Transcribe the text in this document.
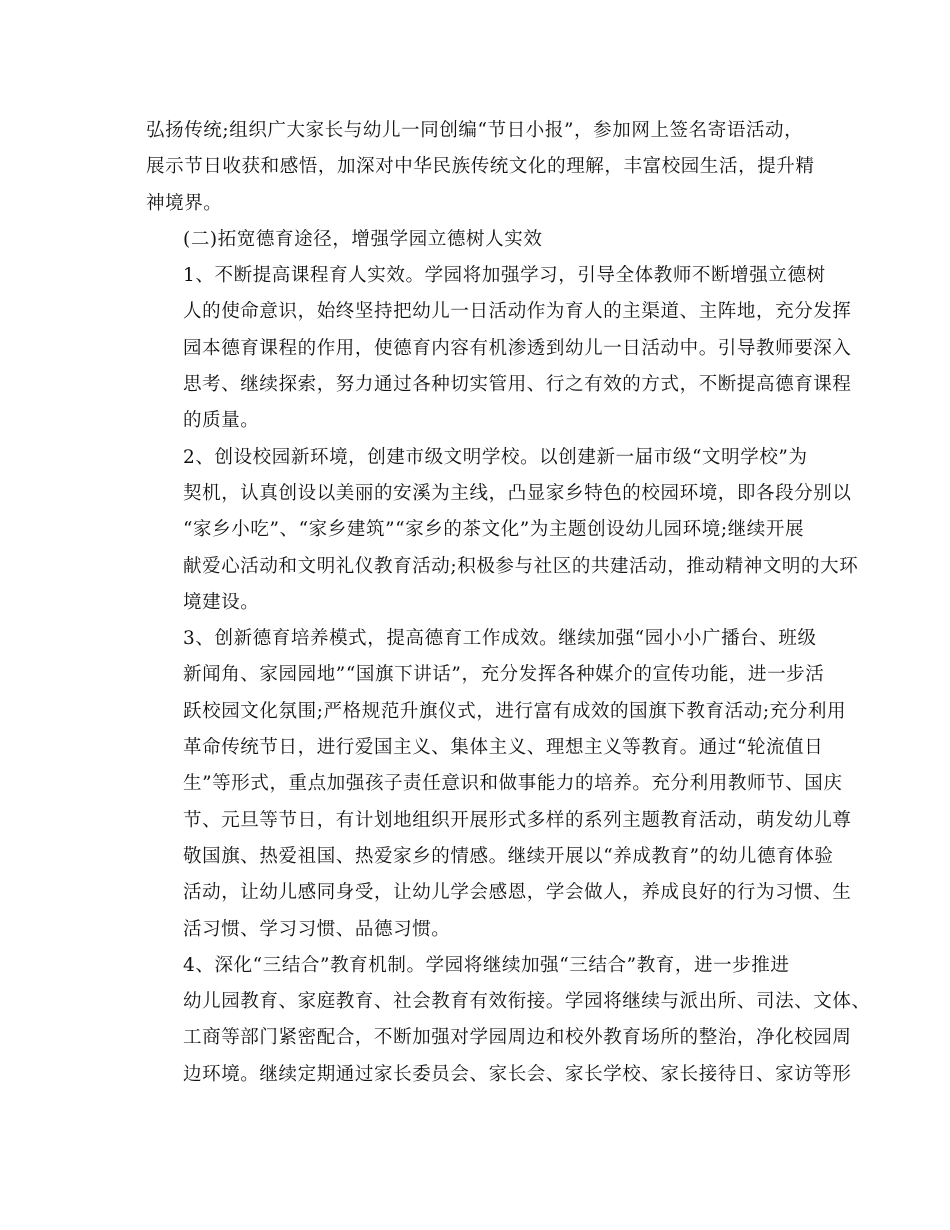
弘扬传统;组织广大家长与幼儿一同创编“节日小报”，参加网上签名寄语活动，
展示节日收获和感悟，加深对中华民族传统文化的理解，丰富校园生活，提升精
神境界。
(二)拓宽德育途径，增强学园立德树人实效
1、不断提高课程育人实效。学园将加强学习，引导全体教师不断增强立德树
人的使命意识，始终坚持把幼儿一日活动作为育人的主渠道、主阵地，充分发挥
园本德育课程的作用，使德育内容有机渗透到幼儿一日活动中。引导教师要深入
思考、继续探索，努力通过各种切实管用、行之有效的方式，不断提高德育课程
的质量。
2、创设校园新环境，创建市级文明学校。以创建新一届市级“文明学校”为
契机，认真创设以美丽的安溪为主线，凸显家乡特色的校园环境，即各段分别以
“家乡小吃”、“家乡建筑”“家乡的茶文化”为主题创设幼儿园环境;继续开展
献爱心活动和文明礼仪教育活动;积极参与社区的共建活动，推动精神文明的大环
境建设。
3、创新德育培养模式，提高德育工作成效。继续加强“园小小广播台、班级
新闻角、家园园地”“国旗下讲话”，充分发挥各种媒介的宣传功能，进一步活
跃校园文化氛围;严格规范升旗仪式，进行富有成效的国旗下教育活动;充分利用
革命传统节日，进行爱国主义、集体主义、理想主义等教育。通过“轮流值日
生”等形式，重点加强孩子责任意识和做事能力的培养。充分利用教师节、国庆
节、元旦等节日，有计划地组织开展形式多样的系列主题教育活动，萌发幼儿尊
敬国旗、热爱祖国、热爱家乡的情感。继续开展以“养成教育”的幼儿德育体验
活动，让幼儿感同身受，让幼儿学会感恩，学会做人，养成良好的行为习惯、生
活习惯、学习习惯、品德习惯。
4、深化“三结合”教育机制。学园将继续加强“三结合”教育，进一步推进
幼儿园教育、家庭教育、社会教育有效衔接。学园将继续与派出所、司法、文体、
工商等部门紧密配合，不断加强对学园周边和校外教育场所的整治，净化校园周
边环境。继续定期通过家长委员会、家长会、家长学校、家长接待日、家访等形
